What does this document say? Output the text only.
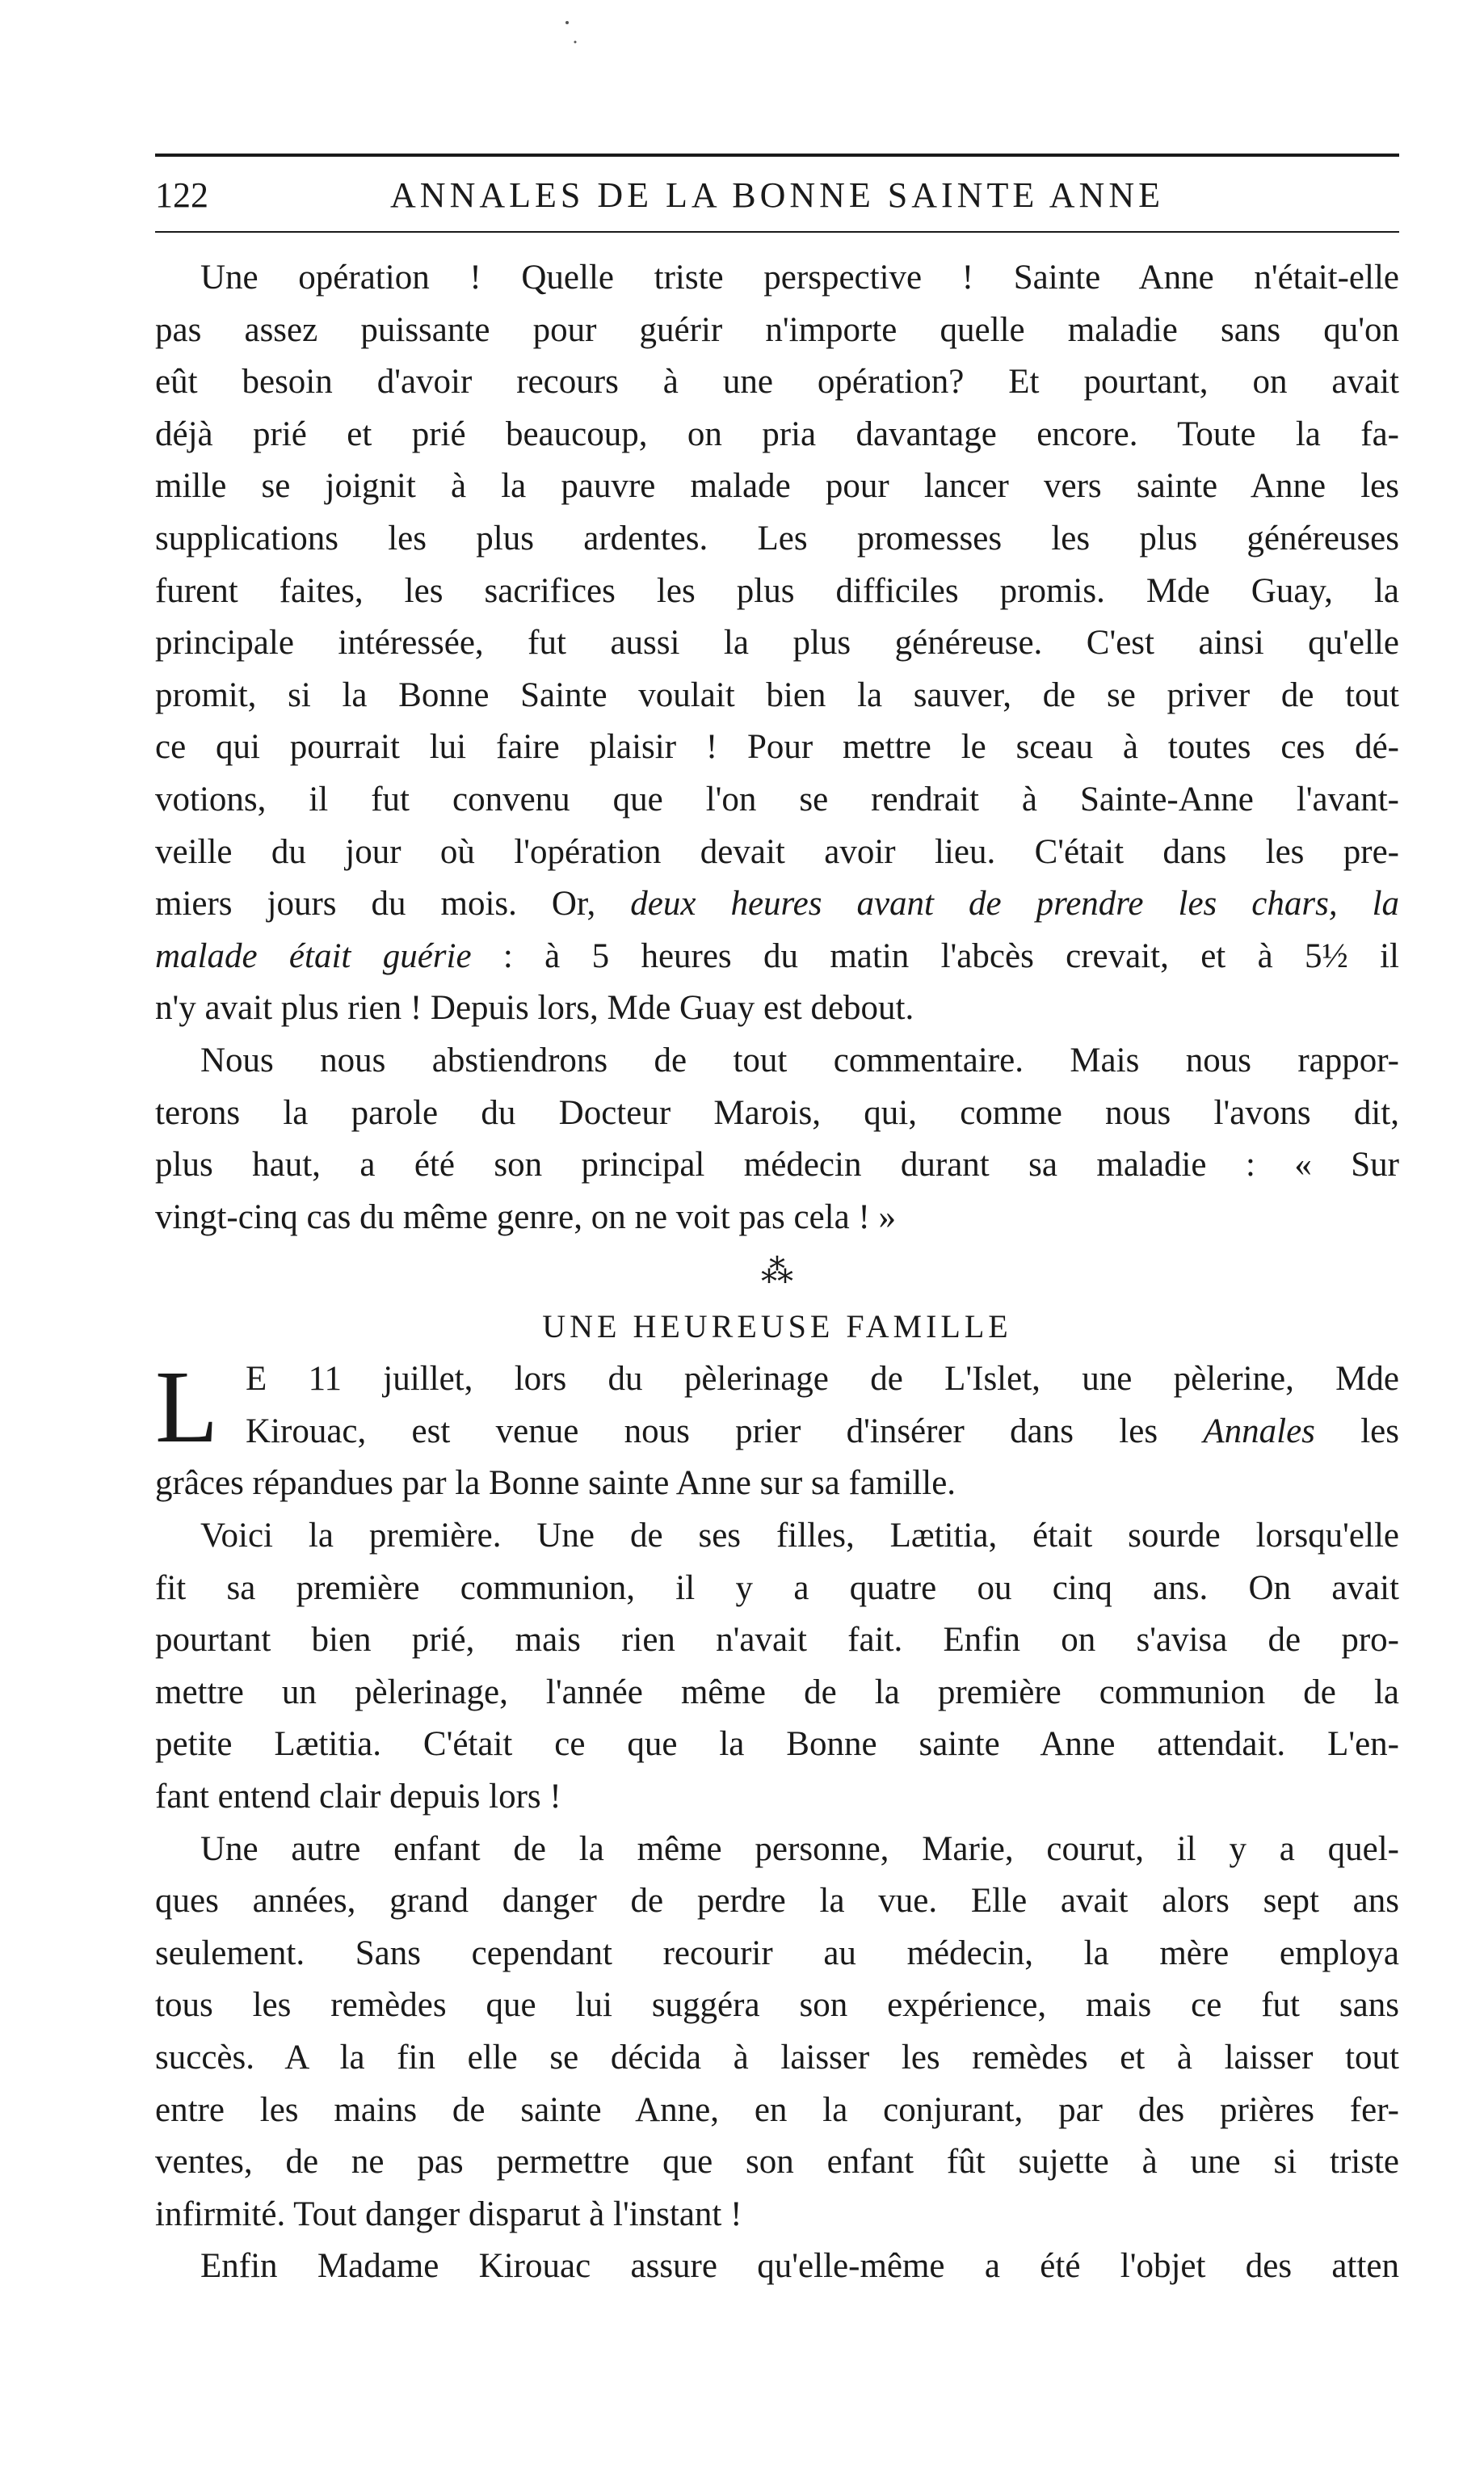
122	ANNALES DE LA BONNE SAINTE ANNE
Une opération ! Quelle triste perspective ! Sainte Anne n'était-elle
pas assez puissante pour guérir n'importe quelle maladie sans qu'on
eût besoin d'avoir recours à une opération? Et pourtant, on avait
déjà prié et prié beaucoup, on pria davantage encore. Toute la fa-
mille se joignit à la pauvre malade pour lancer vers sainte Anne les
supplications les plus ardentes. Les promesses les plus généreuses
furent faites, les sacrifices les plus difficiles promis. Mde Guay, la
principale intéressée, fut aussi la plus généreuse. C'est ainsi qu'elle
promit, si la Bonne Sainte voulait bien la sauver, de se priver de tout
ce qui pourrait lui faire plaisir ! Pour mettre le sceau à toutes ces dé-
votions, il fut convenu que l'on se rendrait à Sainte-Anne l'avant-
veille du jour où l'opération devait avoir lieu. C'était dans les pre-
miers jours du mois. Or, deux heures avant de prendre les chars, la
malade était guérie : à 5 heures du matin l'abcès crevait, et à 5½ il
n'y avait plus rien ! Depuis lors, Mde Guay est debout.
Nous nous abstiendrons de tout commentaire. Mais nous rappor-
terons la parole du Docteur Marois, qui, comme nous l'avons dit,
plus haut, a été son principal médecin durant sa maladie : « Sur
vingt-cinq cas du même genre, on ne voit pas cela ! »
⁂
UNE HEUREUSE FAMILLE
L E 11 juillet, lors du pèlerinage de L'Islet, une pèlerine, Mde
Kirouac, est venue nous prier d'insérer dans les Annales les
grâces répandues par la Bonne sainte Anne sur sa famille.
Voici la première. Une de ses filles, Lætitia, était sourde lorsqu'elle
fit sa première communion, il y a quatre ou cinq ans. On avait
pourtant bien prié, mais rien n'avait fait. Enfin on s'avisa de pro-
mettre un pèlerinage, l'année même de la première communion de la
petite Lætitia. C'était ce que la Bonne sainte Anne attendait. L'en-
fant entend clair depuis lors !
Une autre enfant de la même personne, Marie, courut, il y a quel-
ques années, grand danger de perdre la vue. Elle avait alors sept ans
seulement. Sans cependant recourir au médecin, la mère employa
tous les remèdes que lui suggéra son expérience, mais ce fut sans
succès. A la fin elle se décida à laisser les remèdes et à laisser tout
entre les mains de sainte Anne, en la conjurant, par des prières fer-
ventes, de ne pas permettre que son enfant fût sujette à une si triste
infirmité. Tout danger disparut à l'instant !
Enfin Madame Kirouac assure qu'elle-même a été l'objet des atten
